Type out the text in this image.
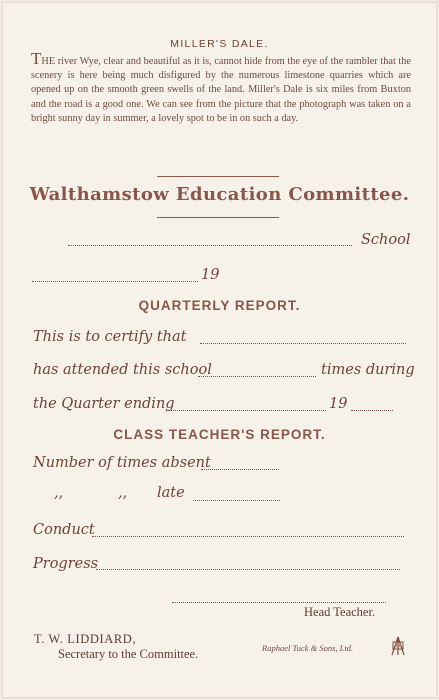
MILLER'S DALE.
THE river Wye, clear and beautiful as it is, cannot hide from the eye of the rambler that the scenery is here being much disfigured by the numerous limestone quarries which are opened up on the smooth green swells of the land. Miller's Dale is six miles from Buxton and the road is a good one. We can see from the picture that the photograph was taken on a bright sunny day in summer, a lovely spot to be in on such a day.
Walthamstow Education Committee.
School
19
QUARTERLY REPORT.
This is to certify that
has attended this school	times during
the Quarter ending	19
CLASS TEACHER'S REPORT.
Number of times absent
,,	,, late
Conduct
Progress
Head Teacher.
T. W. LIDDIARD,
Secretary to the Committee.	Raphael Tuck & Sons, Ltd.
